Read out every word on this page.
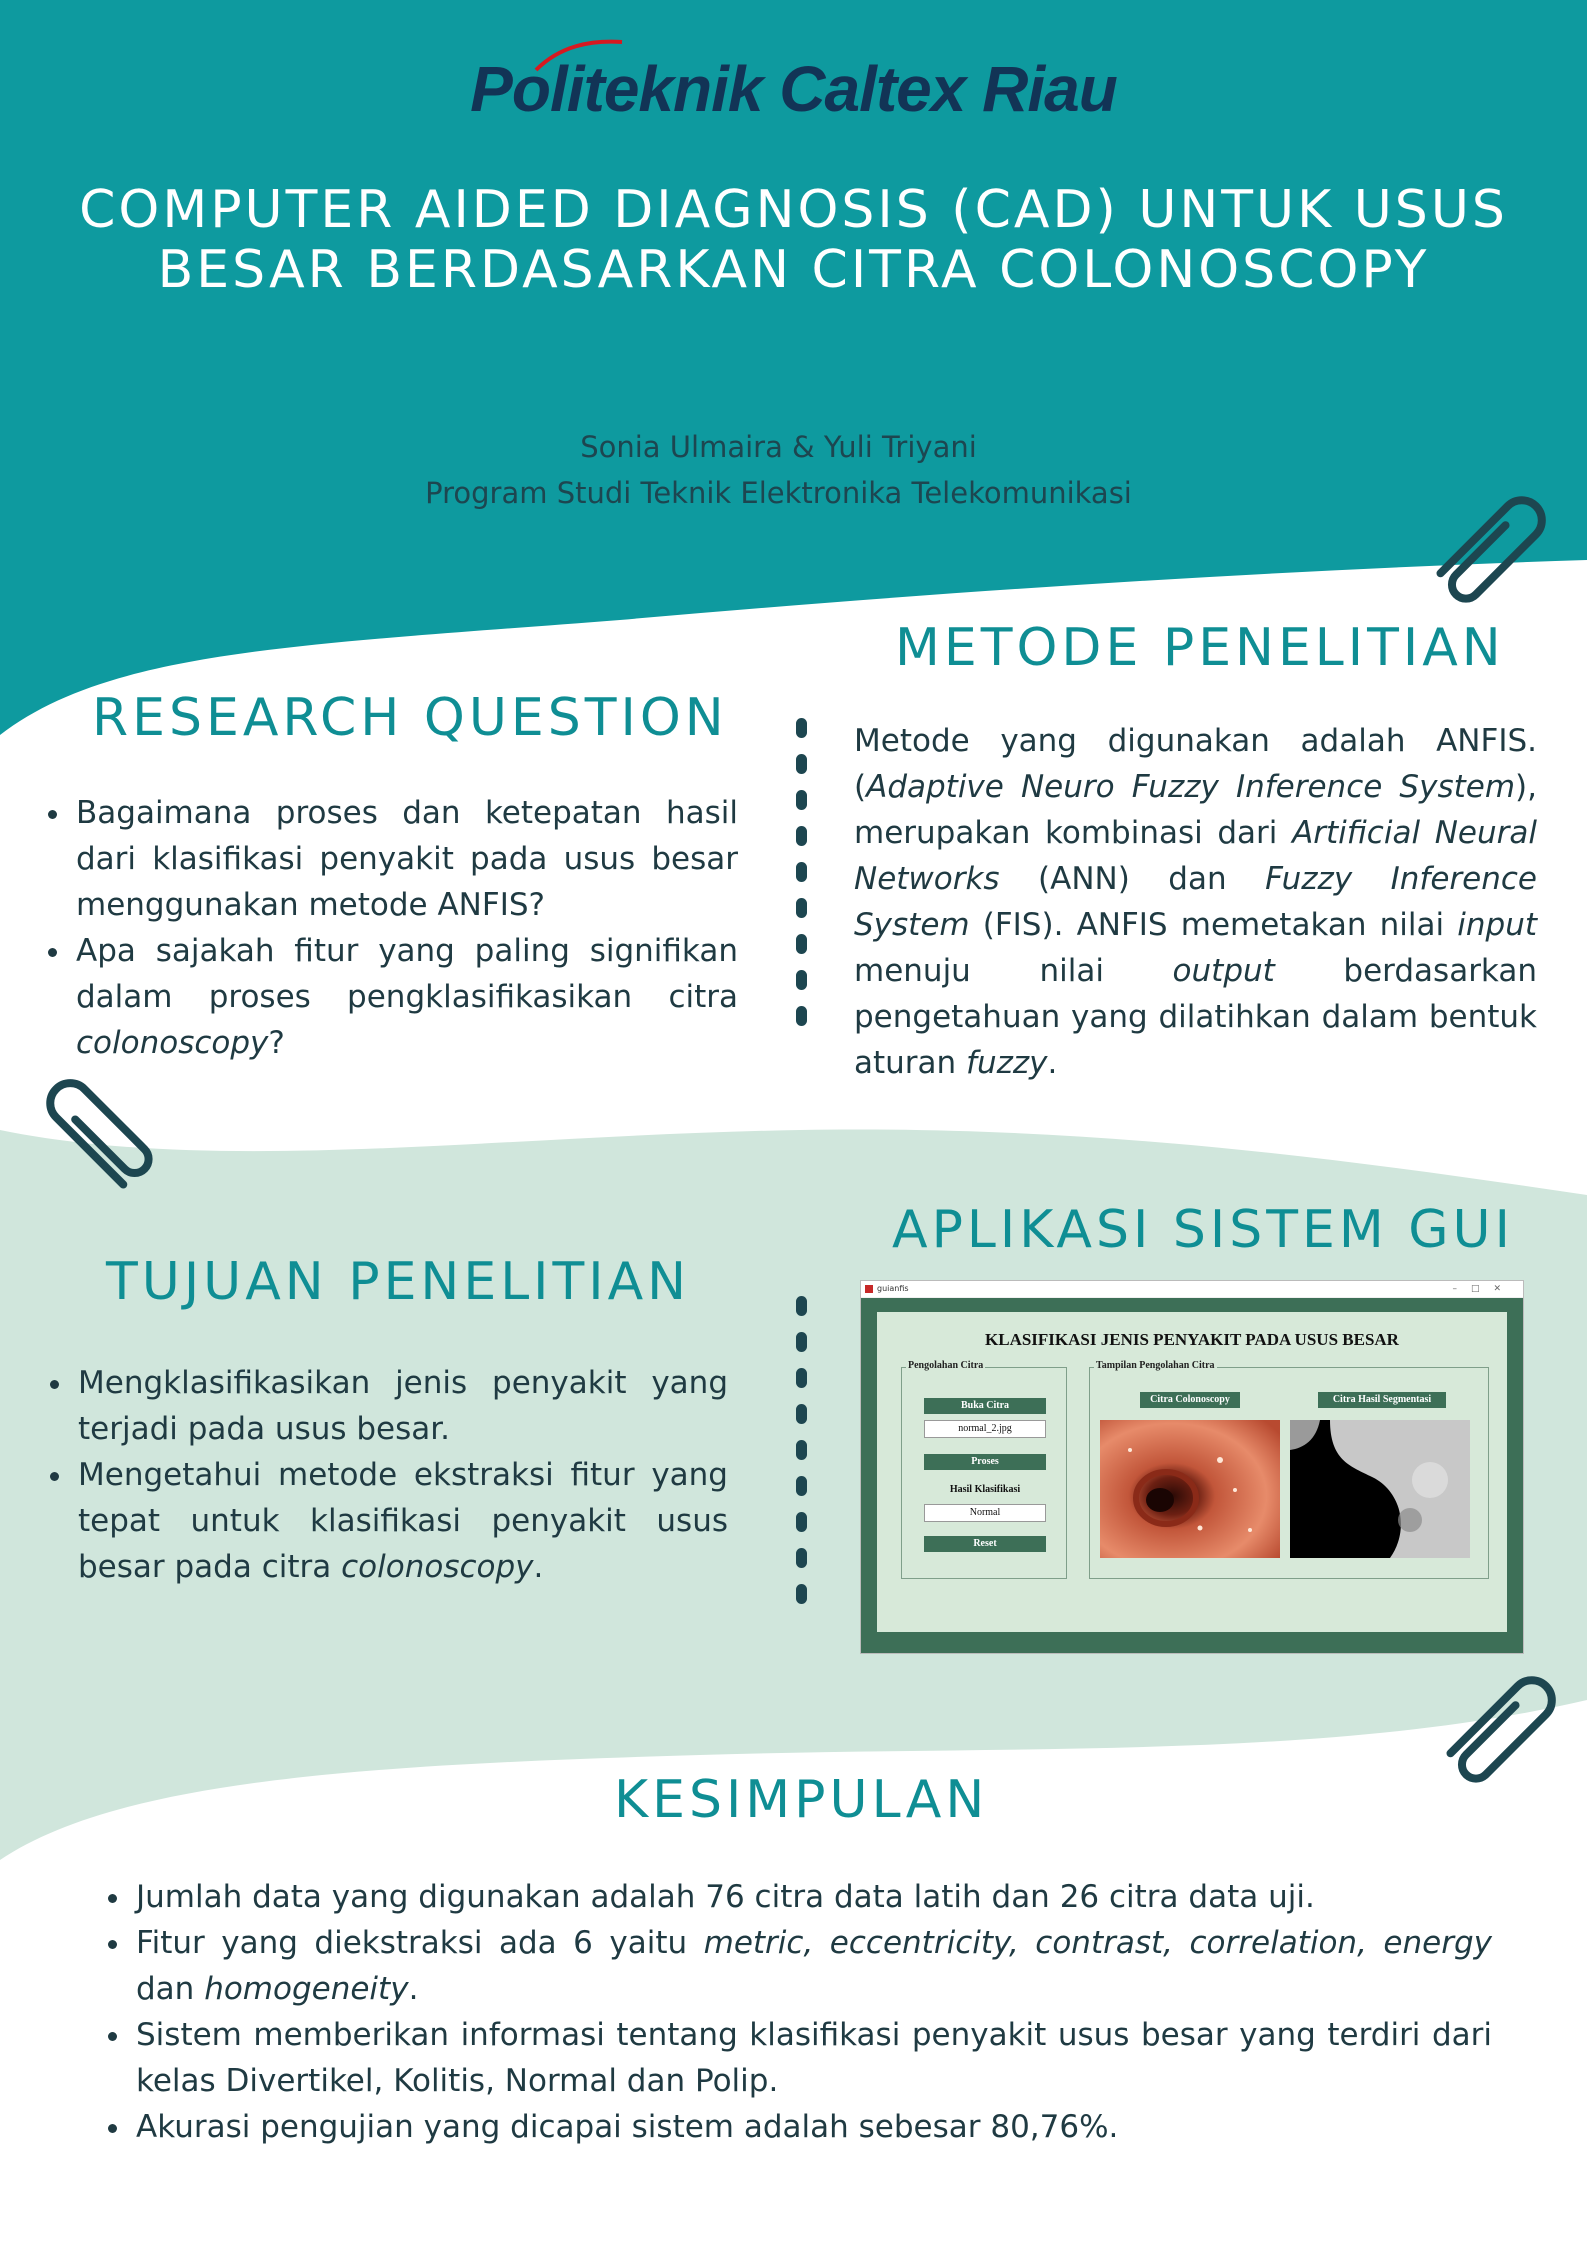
Politeknik Caltex Riau
COMPUTER AIDED DIAGNOSIS (CAD) UNTUK USUS BESAR BERDASARKAN CITRA COLONOSCOPY
Sonia Ulmaira & Yuli Triyani
Program Studi Teknik Elektronika Telekomunikasi
METODE PENELITIAN
Metode yang digunakan adalah ANFIS. (Adaptive Neuro Fuzzy Inference System), merupakan kombinasi dari Artificial Neural Networks (ANN) dan Fuzzy Inference System (FIS). ANFIS memetakan nilai input menuju nilai output berdasarkan pengetahuan yang dilatihkan dalam bentuk aturan fuzzy.
RESEARCH QUESTION
Bagaimana proses dan ketepatan hasil dari klasifikasi penyakit pada usus besar menggunakan metode ANFIS?
Apa sajakah fitur yang paling signifikan dalam proses pengklasifikasikan citra colonoscopy?
APLIKASI SISTEM GUI
guianfis	–□✕
KLASIFIKASI JENIS PENYAKIT PADA USUS BESAR
Pengolahan Citra
Buka Citra
normal_2.jpg
Proses
Hasil Klasifikasi
Normal
Reset
Tampilan Pengolahan Citra
Citra Colonoscopy	Citra Hasil Segmentasi
TUJUAN PENELITIAN
Mengklasifikasikan jenis penyakit yang terjadi pada usus besar.
Mengetahui metode ekstraksi fitur yang tepat untuk klasifikasi penyakit usus besar pada citra colonoscopy.
KESIMPULAN
Jumlah data yang digunakan adalah 76 citra data latih dan 26 citra data uji.
Fitur yang diekstraksi ada 6 yaitu metric, eccentricity, contrast, correlation, energy dan homogeneity.
Sistem memberikan informasi tentang klasifikasi penyakit usus besar yang terdiri dari kelas Divertikel, Kolitis, Normal dan Polip.
Akurasi pengujian yang dicapai sistem adalah sebesar 80,76%.
